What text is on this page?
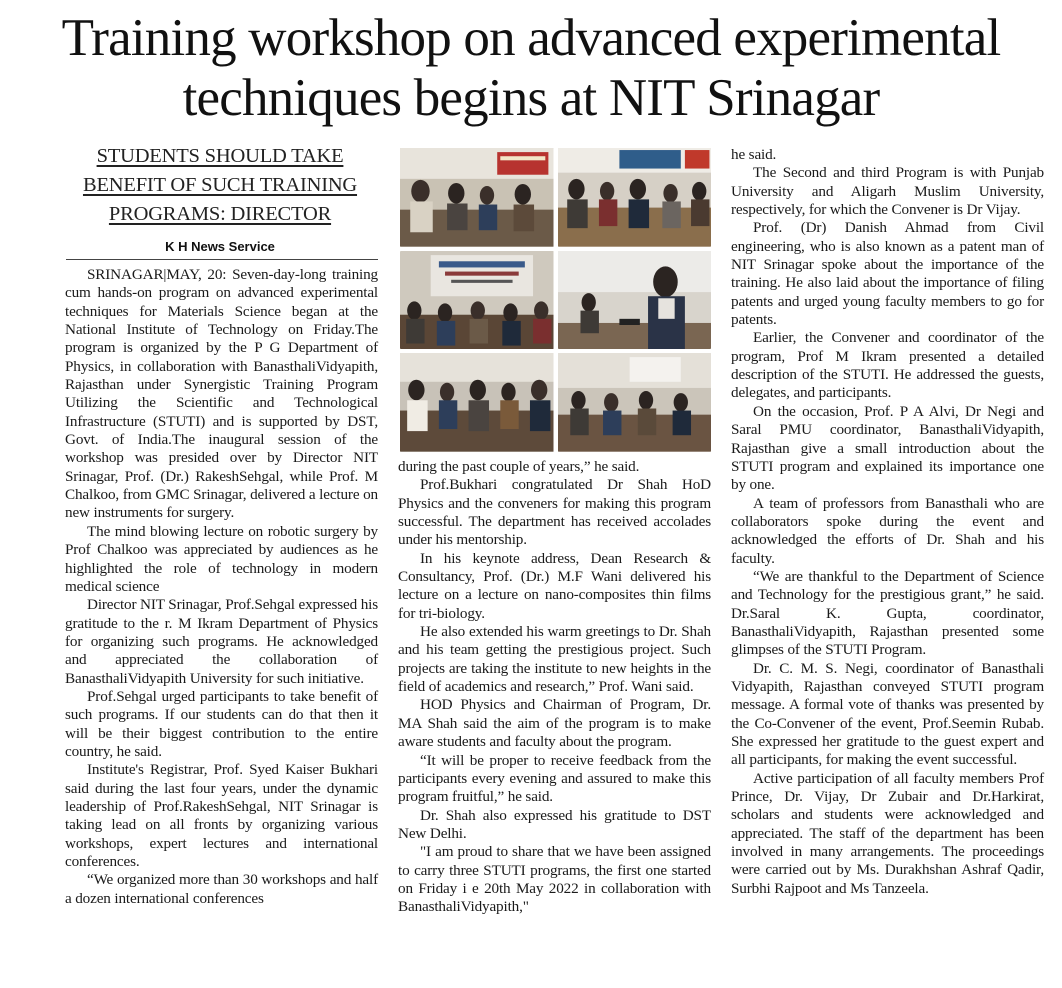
Training workshop on advanced experimental
techniques begins at NIT Srinagar
STUDENTS SHOULD TAKE
BENEFIT OF SUCH TRAINING
PROGRAMS: DIRECTOR
K H News Service

SRINAGAR|MAY, 20: Seven-day-long training cum hands-on program on advanced experimental techniques for Materials Science began at the National Institute of Technology on Friday.The program is organized by the P G Department of Physics, in collaboration with BanasthaliVidyapith, Rajasthan under Synergistic Training Program Utilizing the Scientific and Technological Infrastructure (STUTI) and is supported by DST, Govt. of India.The inaugural session of the workshop was presided over by Director NIT Srinagar, Prof. (Dr.) RakeshSehgal, while Prof. M Chalkoo, from GMC Srinagar, delivered a lecture on new instruments for surgery.

The mind blowing lecture on robotic surgery by Prof Chalkoo was appreciated by audiences as he highlighted the role of technology in modern medical science

Director NIT Srinagar, Prof.Sehgal expressed his gratitude to the r. M Ikram Department of Physics for organizing such programs. He acknowledged and appreciated the collaboration of BanasthaliVidyapith University for such initiative.

Prof.Sehgal urged participants to take benefit of such programs. If our students can do that then it will be their biggest contribution to the entire country, he said.

Institute's Registrar, Prof. Syed Kaiser Bukhari said during the last four years, under the dynamic leadership of Prof.RakeshSehgal, NIT Srinagar is taking lead on all fronts by organizing various workshops, expert lectures and international conferences.

“We organized more than 30 workshops and half a dozen international conferences

during the past couple of years,” he said.

Prof.Bukhari congratulated Dr Shah HoD Physics and the conveners for making this program successful. The department has received accolades under his mentorship.

In his keynote address, Dean Research & Consultancy, Prof. (Dr.) M.F Wani delivered his lecture on a lecture on nano-composites thin films for tri-biology.

He also extended his warm greetings to Dr. Shah and his team getting the prestigious project. Such projects are taking the institute to new heights in the field of academics and research,” Prof. Wani said.

HOD Physics and Chairman of Program, Dr. MA Shah said the aim of the program is to make aware students and faculty about the program.

“It will be proper to receive feedback from the participants every evening and assured to make this program fruitful,” he said.

Dr. Shah also expressed his gratitude to DST New Delhi.

"I am proud to share that we have been assigned to carry three STUTI programs, the first one started on Friday i e 20th May 2022 in collaboration with BanasthaliVidyapith,"

he said.

The Second and third Program is with Punjab University and Aligarh Muslim University, respectively, for which the Convener is Dr Vijay.

Prof. (Dr) Danish Ahmad from Civil engineering, who is also known as a patent man of NIT Srinagar spoke about the importance of the training. He also laid about the importance of filing patents and urged young faculty members to go for patents.

Earlier, the Convener and coordinator of the program, Prof M Ikram presented a detailed description of the STUTI. He addressed the guests, delegates, and participants.

On the occasion, Prof. P A Alvi, Dr Negi and Saral PMU coordinator, BanasthaliVidyapith, Rajasthan give a small introduction about the STUTI program and explained its importance one by one.

A team of professors from Banasthali who are collaborators spoke during the event and acknowledged the efforts of Dr. Shah and his faculty.

“We are thankful to the Department of Science and Technology for the prestigious grant,” he said. Dr.Saral K. Gupta, coordinator, BanasthaliVidyapith, Rajasthan presented some glimpses of the STUTI Program.

Dr. C. M. S. Negi, coordinator of Banasthali Vidyapith, Rajasthan conveyed STUTI program message. A formal vote of thanks was presented by the Co-Convener of the event, Prof.Seemin Rubab. She expressed her gratitude to the guest expert and all participants, for making the event successful.

Active participation of all faculty members Prof Prince, Dr. Vijay, Dr Zubair and Dr.Harkirat, scholars and students were acknowledged and appreciated. The staff of the department has been involved in many arrangements. The proceedings were carried out by Ms. Durakhshan Ashraf Qadir, Surbhi Rajpoot and Ms Tanzeela.
